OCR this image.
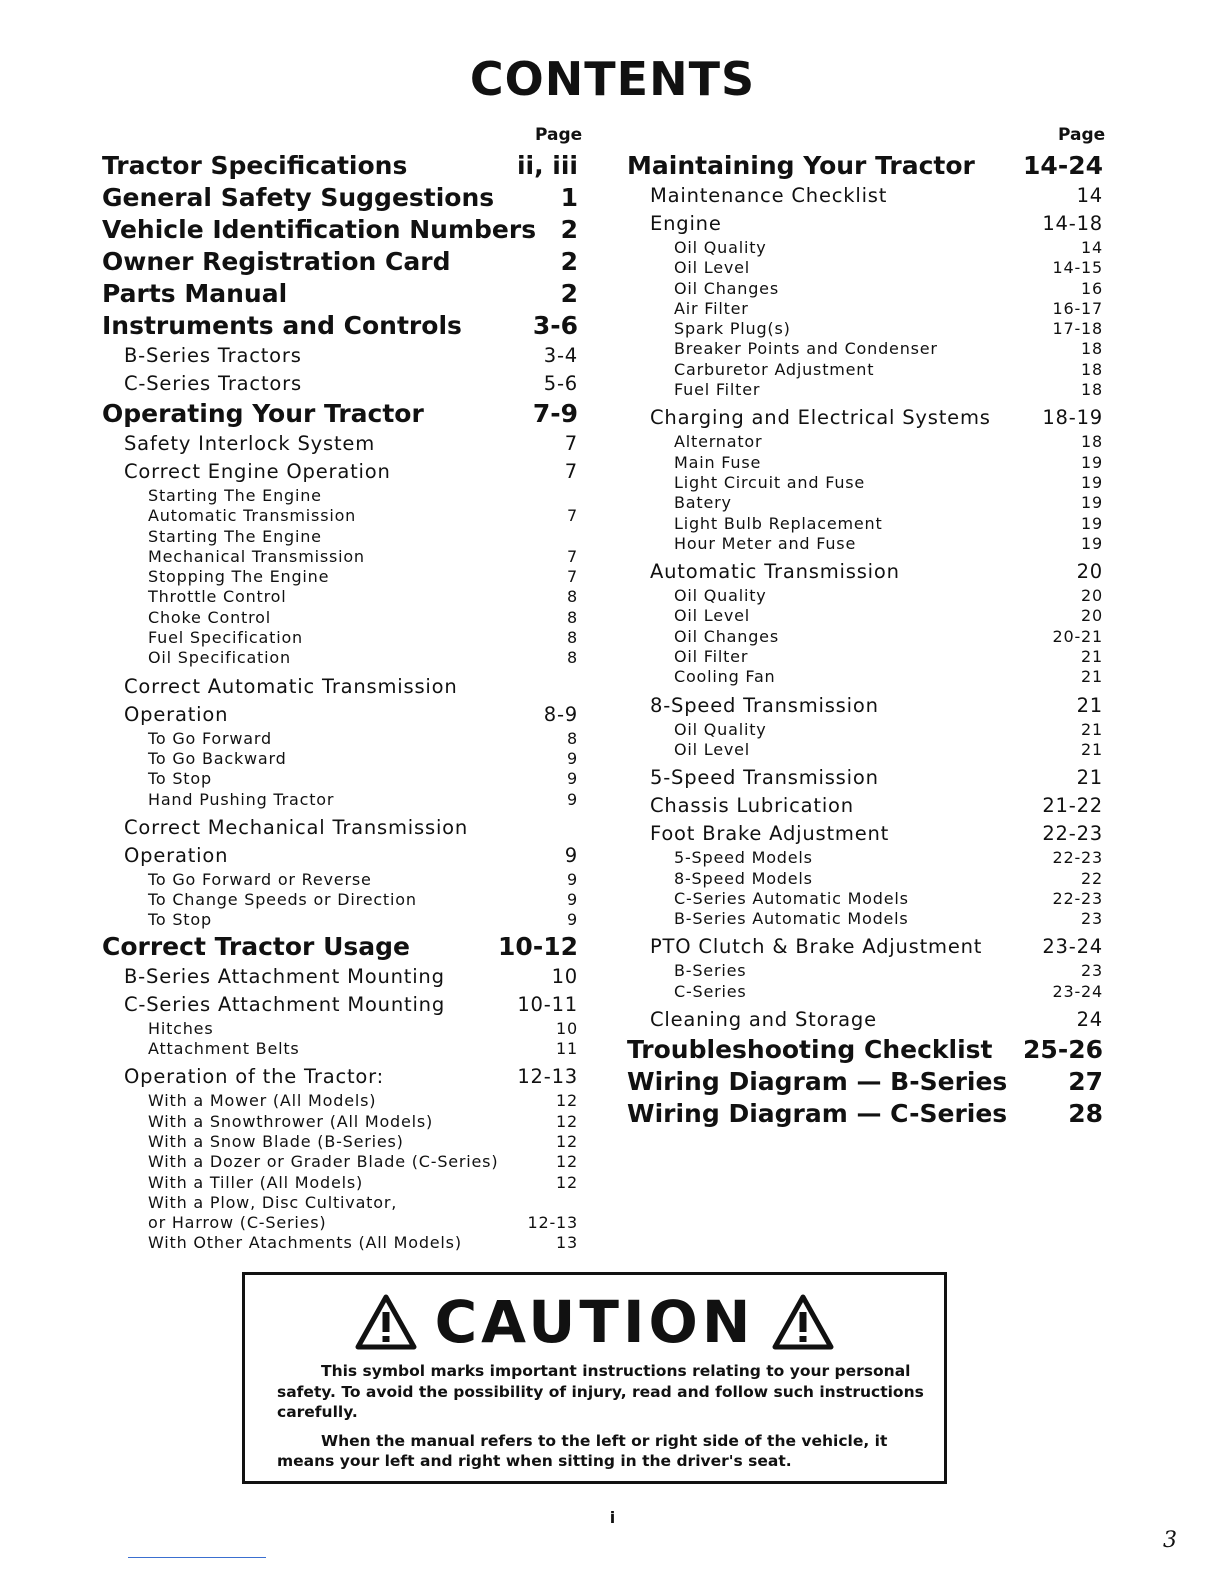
CONTENTS
Page	Page
Tractor Specifications	ii, iii
General Safety Suggestions	1
Vehicle Identification Numbers 2
Owner Registration Card	2
Parts Manual	2
Instruments and Controls	3-6
B-Series Tractors	3-4
C-Series Tractors	5-6
Operating Your Tractor	7-9
Safety Interlock System	7
Correct Engine Operation	7
Starting The Engine
Automatic Transmission	7
Starting The Engine
Mechanical Transmission	7
Stopping The Engine	7
Throttle Control	8
Choke Control	8
Fuel Specification	8
Oil Specification	8
Correct Automatic Transmission
Operation	8-9
To Go Forward	8
To Go Backward	9
To Stop	9
Hand Pushing Tractor	9
Correct Mechanical Transmission
Operation	9
To Go Forward or Reverse	9
To Change Speeds or Direction	9
To Stop	9
Correct Tractor Usage	10-12
B-Series Attachment Mounting	10
C-Series Attachment Mounting	10-11
Hitches	10
Attachment Belts	11
Operation of the Tractor:	12-13
With a Mower (All Models)	12
With a Snowthrower (All Models)	12
With a Snow Blade (B-Series)	12
With a Dozer or Grader Blade (C-Series)	12
With a Tiller (All Models)	12
With a Plow, Disc Cultivator,
or Harrow (C-Series)	12-13
With Other Atachments (All Models)	13
Maintaining Your Tractor 14-24
Maintenance Checklist	14
Engine	14-18
Oil Quality	14
Oil Level	14-15
Oil Changes	16
Air Filter	16-17
Spark Plug(s)	17-18
Breaker Points and Condenser	18
Carburetor Adjustment	18
Fuel Filter	18
Charging and Electrical Systems	18-19
Alternator	18
Main Fuse	19
Light Circuit and Fuse	19
Batery	19
Light Bulb Replacement	19
Hour Meter and Fuse	19
Automatic Transmission	20
Oil Quality	20
Oil Level	20
Oil Changes	20-21
Oil Filter	21
Cooling Fan	21
8-Speed Transmission	21
Oil Quality	21
Oil Level	21
5-Speed Transmission	21
Chassis Lubrication	21-22
Foot Brake Adjustment	22-23
5-Speed Models	22-23
8-Speed Models	22
C-Series Automatic Models	22-23
B-Series Automatic Models	23
PTO Clutch & Brake Adjustment	23-24
B-Series	23
C-Series	23-24
Cleaning and Storage	24
Troubleshooting Checklist 25-26
Wiring Diagram — B-Series 27
Wiring Diagram — C-Series 28
CAUTION

This symbol marks important instructions relating to your personal safety. To avoid the possibility of injury, read and follow such instructions carefully.

When the manual refers to the left or right side of the vehicle, it means your left and right when sitting in the driver's seat.

i
3
